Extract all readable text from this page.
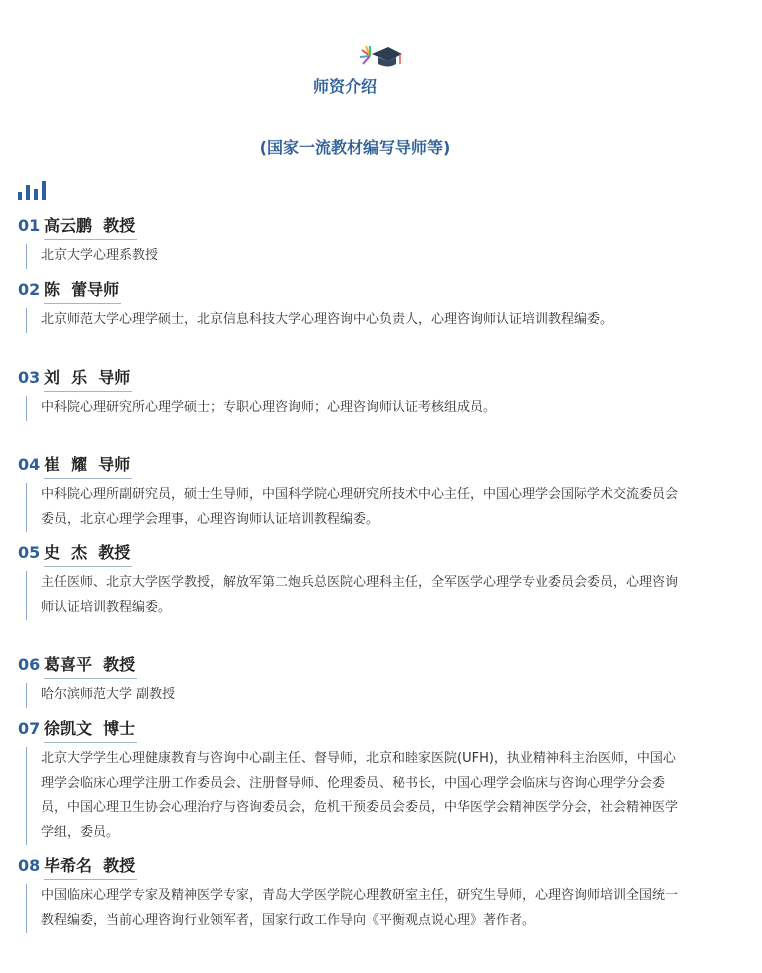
师资介绍
(国家一流教材编写导师等)
01 高云鹏  教授
北京大学心理系教授
02 陈  蕾导师
北京师范大学心理学硕士，北京信息科技大学心理咨询中心负责人，心理咨询师认证培训教程编委。
03 刘  乐  导师
中科院心理研究所心理学硕士；专职心理咨询师；心理咨询师认证考核组成员。
04 崔  耀  导师
中科院心理所副研究员，硕士生导师，中国科学院心理研究所技术中心主任，中国心理学会国际学术交流委员会委员，北京心理学会理事，心理咨询师认证培训教程编委。
05 史  杰  教授
主任医师、北京大学医学教授，解放军第二炮兵总医院心理科主任，全军医学心理学专业委员会委员，心理咨询师认证培训教程编委。
06 葛喜平  教授
哈尔滨师范大学 副教授
07 徐凯文  博士
北京大学学生心理健康教育与咨询中心副主任、督导师，北京和睦家医院(UFH)，执业精神科主治医师，中国心理学会临床心理学注册工作委员会、注册督导师、伦理委员、秘书长，中国心理学会临床与咨询心理学分会委员，中国心理卫生协会心理治疗与咨询委员会，危机干预委员会委员，中华医学会精神医学分会，社会精神医学学组，委员。
08 毕希名  教授
中国临床心理学专家及精神医学专家，青岛大学医学院心理教研室主任，研究生导师，心理咨询师培训全国统一教程编委，当前心理咨询行业领军者，国家行政工作导向《平衡观点说心理》著作者。
